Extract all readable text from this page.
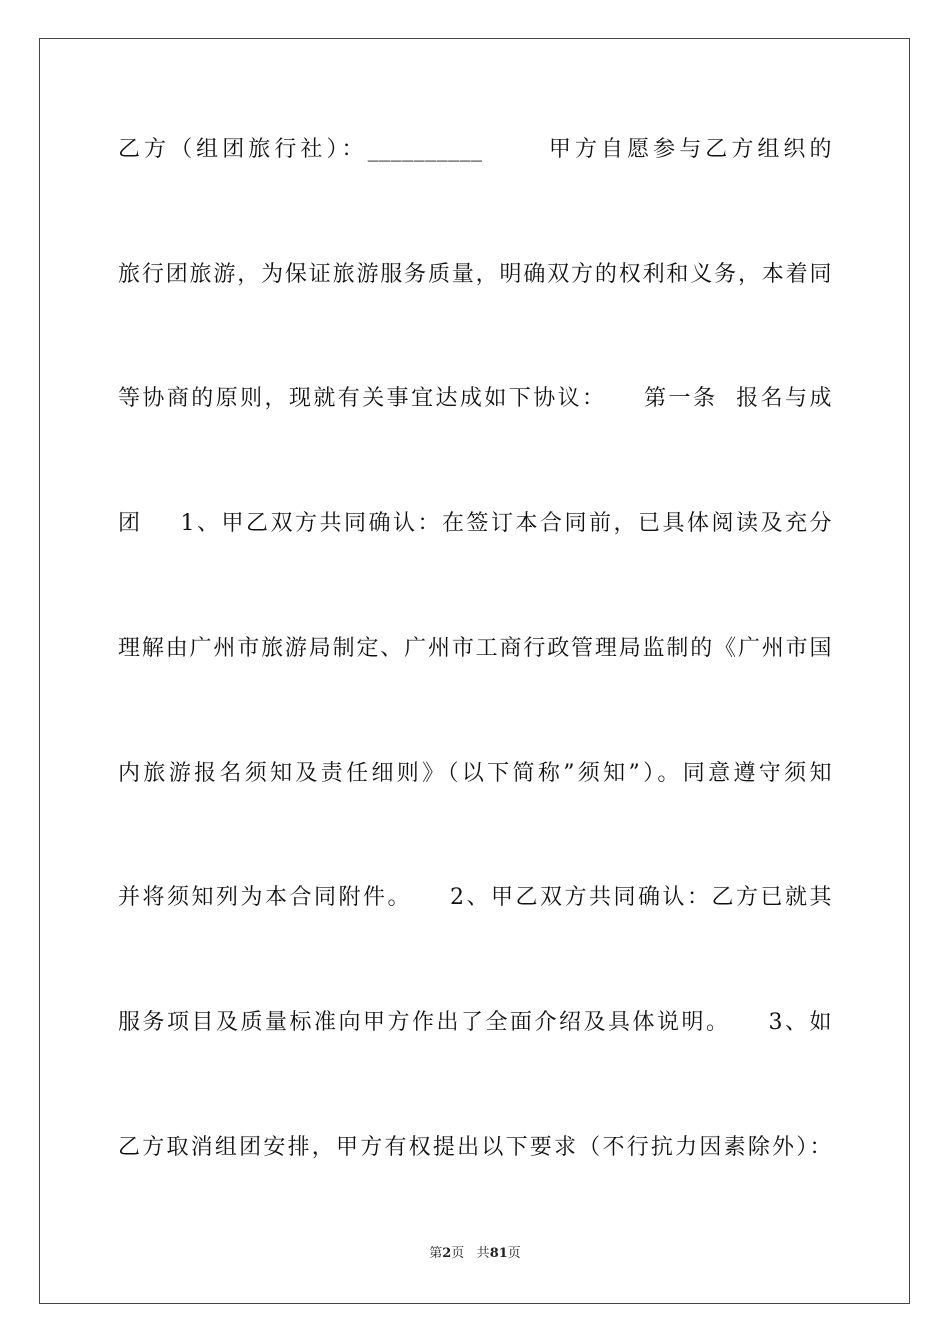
乙方（组团旅行社）：__________      甲方自愿参与乙方组织的
旅行团旅游，为保证旅游服务质量，明确双方的权利和义务，本着同
等协商的原则，现就有关事宜达成如下协议：    第一条  报名与成
团    1、甲乙双方共同确认：在签订本合同前，已具体阅读及充分
理解由广州市旅游局制定、广州市工商行政管理局监制的《广州市国
内旅游报名须知及责任细则》（以下简称”须知”）。同意遵守须知
并将须知列为本合同附件。    2、甲乙双方共同确认：乙方已就其
服务项目及质量标准向甲方作出了全面介绍及具体说明。    3、如
乙方取消组团安排，甲方有权提出以下要求（不行抗力因素除外）：
第2页 共81页
